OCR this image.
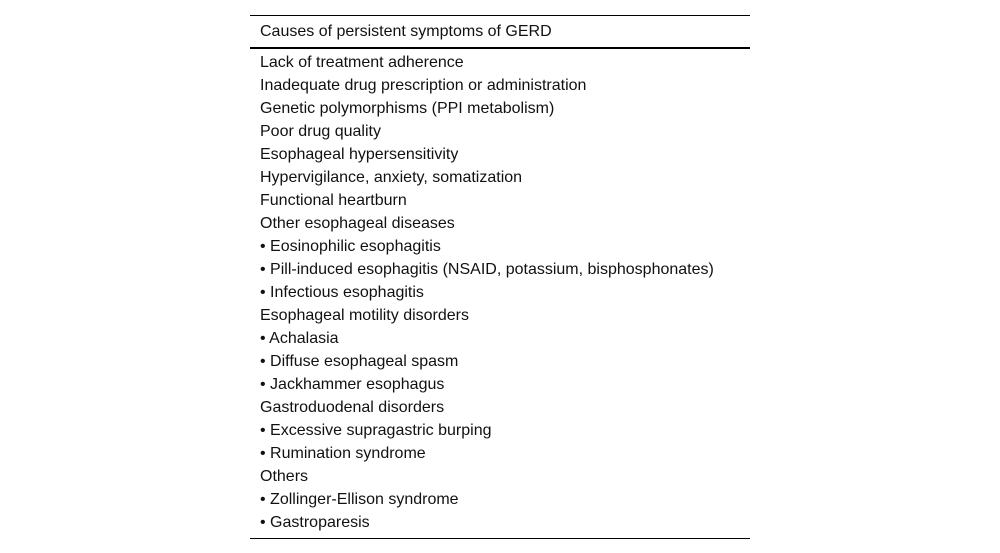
Causes of persistent symptoms of GERD
Lack of treatment adherence
Inadequate drug prescription or administration
Genetic polymorphisms (PPI metabolism)
Poor drug quality
Esophageal hypersensitivity
Hypervigilance, anxiety, somatization
Functional heartburn
Other esophageal diseases
• Eosinophilic esophagitis
• Pill-induced esophagitis (NSAID, potassium, bisphosphonates)
• Infectious esophagitis
Esophageal motility disorders
• Achalasia
• Diffuse esophageal spasm
• Jackhammer esophagus
Gastroduodenal disorders
• Excessive supragastric burping
• Rumination syndrome
Others
• Zollinger-Ellison syndrome
• Gastroparesis
